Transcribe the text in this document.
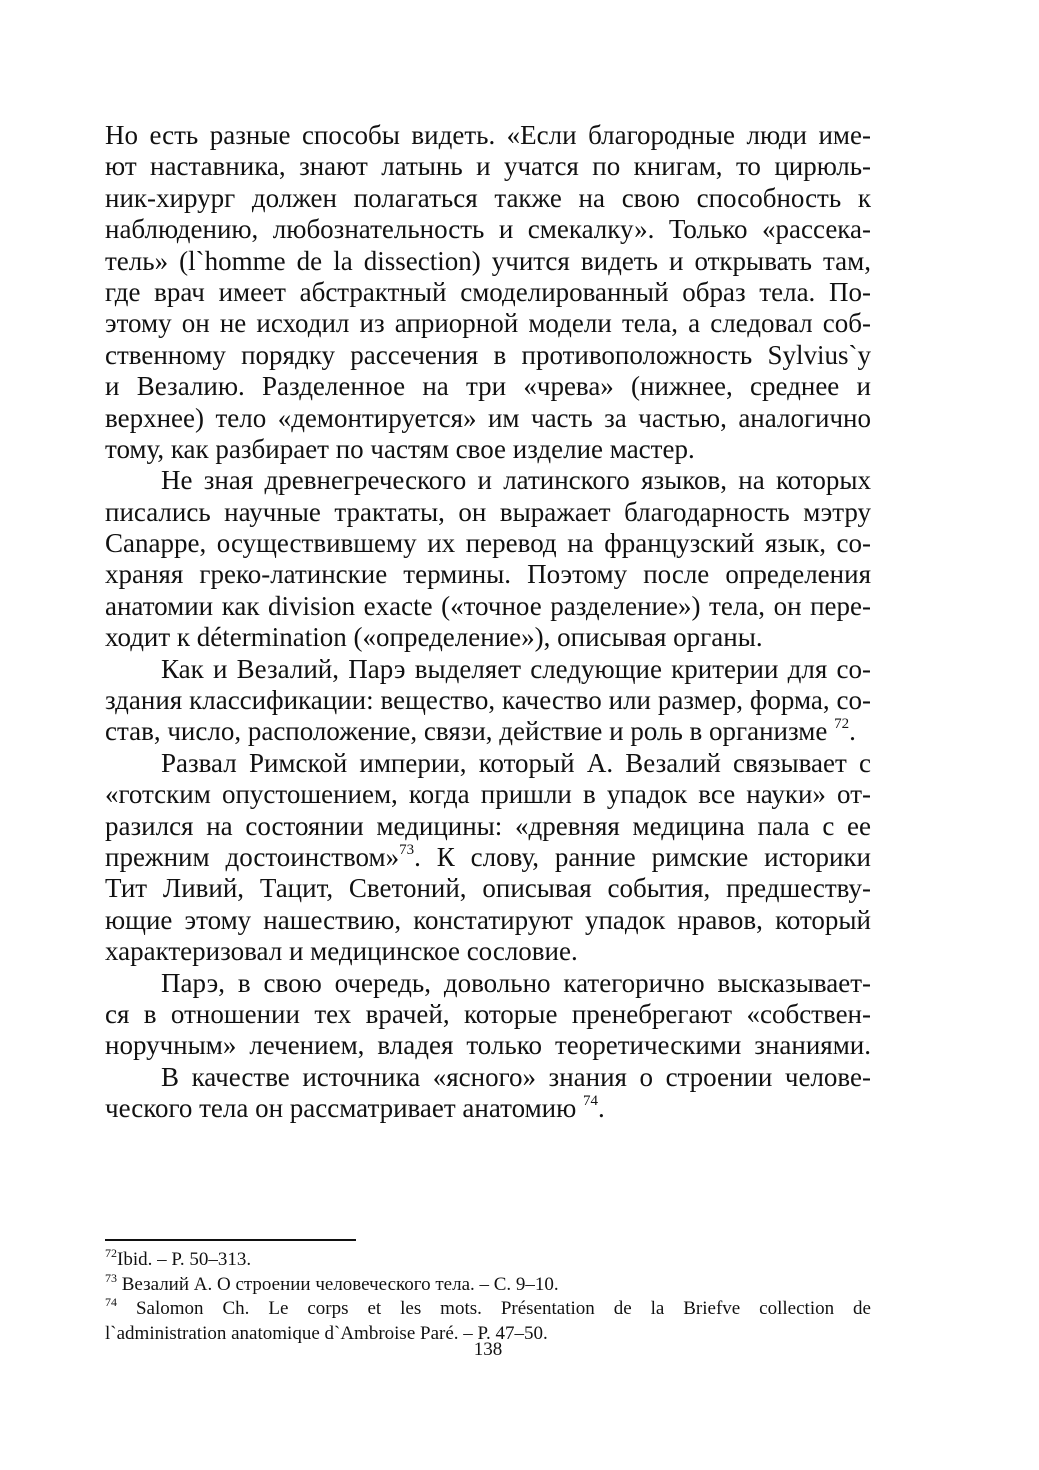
Но есть разные способы видеть. «Если благородные люди име-
ют наставника, знают латынь и учатся по книгам, то цирюль-
ник-хирург должен полагаться также на свою способность к
наблюдению, любознательность и смекалку». Только «рассека-
тель» (l`homme de la dissection) учится видеть и открывать там,
где врач имеет абстрактный смоделированный образ тела. По-
этому он не исходил из априорной модели тела, а следовал соб-
ственному порядку рассечения в противоположность Sylvius`у
и Везалию. Разделенное на три «чрева» (нижнее, среднее и
верхнее) тело «демонтируется» им часть за частью, аналогично
тому, как разбирает по частям свое изделие мастер.
Не зная древнегреческого и латинского языков, на которых
писались научные трактаты, он выражает благодарность мэтру
Canappe, осуществившему их перевод на французский язык, со-
храняя греко-латинские термины. Поэтому после определения
анатомии как division exacte («точное разделение») тела, он пере-
ходит к détermination («определение»), описывая органы.
Как и Везалий, Парэ выделяет следующие критерии для со-
здания классификации: вещество, качество или размер, форма, со-
став, число, расположение, связи, действие и роль в организме $^{72}$.
Развал Римской империи, который А. Везалий связывает с
«готским опустошением, когда пришли в упадок все науки» от-
разился на состоянии медицины: «древняя медицина пала с ее
прежним достоинством»$^{73}$. К слову, ранние римские историки
Тит Ливий, Тацит, Светоний, описывая события, предшеству-
ющие этому нашествию, констатируют упадок нравов, который
характеризовал и медицинское сословие.
Парэ, в свою очередь, довольно категорично высказывает-
ся в отношении тех врачей, которые пренебрегают «собствен-
норучным» лечением, владея только теоретическими знаниями.
В качестве источника «ясного» знания о строении челове-
ческого тела он рассматривает анатомию $^{74}$.
$^{72}$Ibid. – P. 50–313.
$^{73}$ Везалий А. О строении человеческого тела. – С. 9–10.
$^{74}$ Salomon Ch. Le corps et les mots. Présentation de la Briefve collection de
l`administration anatomique d`Ambroise Paré. – P. 47–50.
138
